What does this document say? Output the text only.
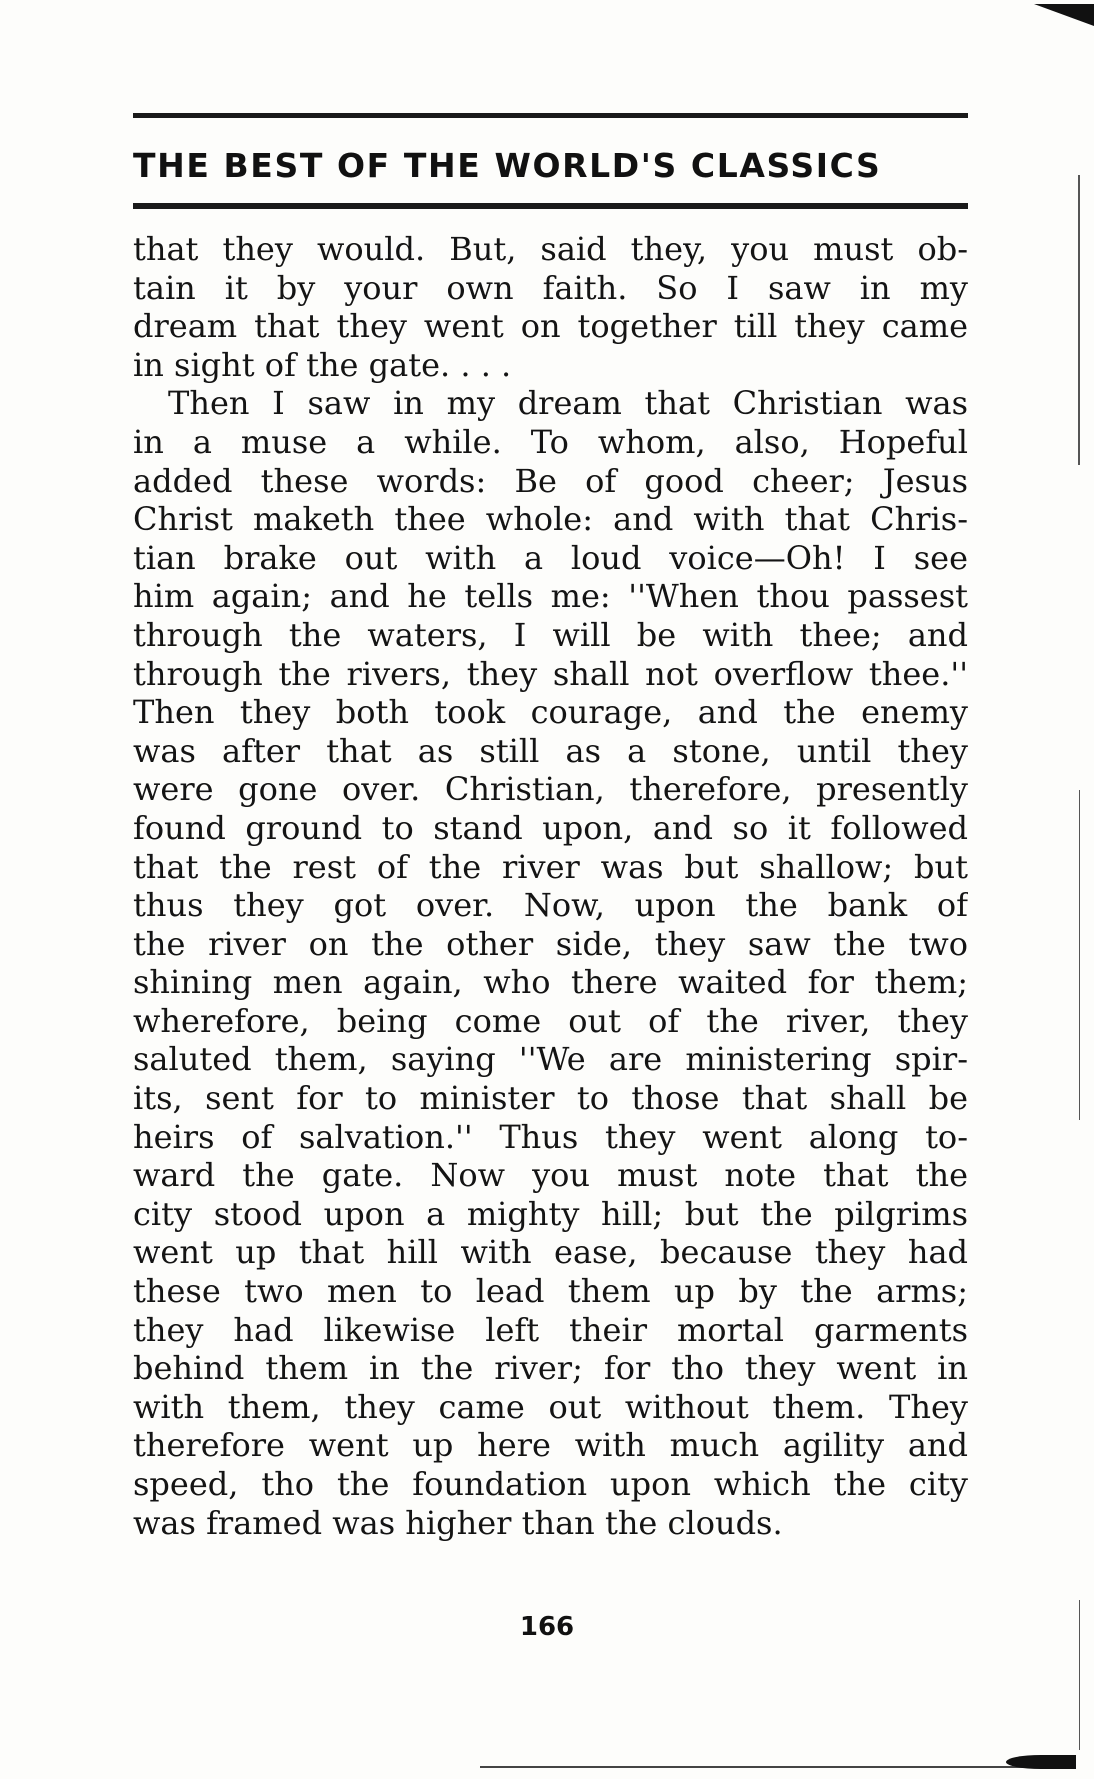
THE BEST OF THE WORLD'S CLASSICS
that they would. But, said they, you must ob-
tain it by your own faith. So I saw in my
dream that they went on together till they came
in sight of the gate. . . .
Then I saw in my dream that Christian was
in a muse a while. To whom, also, Hopeful
added these words: Be of good cheer; Jesus
Christ maketh thee whole: and with that Chris-
tian brake out with a loud voice—Oh! I see
him again; and he tells me: ''When thou passest
through the waters, I will be with thee; and
through the rivers, they shall not overflow thee.''
Then they both took courage, and the enemy
was after that as still as a stone, until they
were gone over. Christian, therefore, presently
found ground to stand upon, and so it followed
that the rest of the river was but shallow; but
thus they got over. Now, upon the bank of
the river on the other side, they saw the two
shining men again, who there waited for them;
wherefore, being come out of the river, they
saluted them, saying ''We are ministering spir-
its, sent for to minister to those that shall be
heirs of salvation.'' Thus they went along to-
ward the gate. Now you must note that the
city stood upon a mighty hill; but the pilgrims
went up that hill with ease, because they had
these two men to lead them up by the arms;
they had likewise left their mortal garments
behind them in the river; for tho they went in
with them, they came out without them. They
therefore went up here with much agility and
speed, tho the foundation upon which the city
was framed was higher than the clouds.
166
